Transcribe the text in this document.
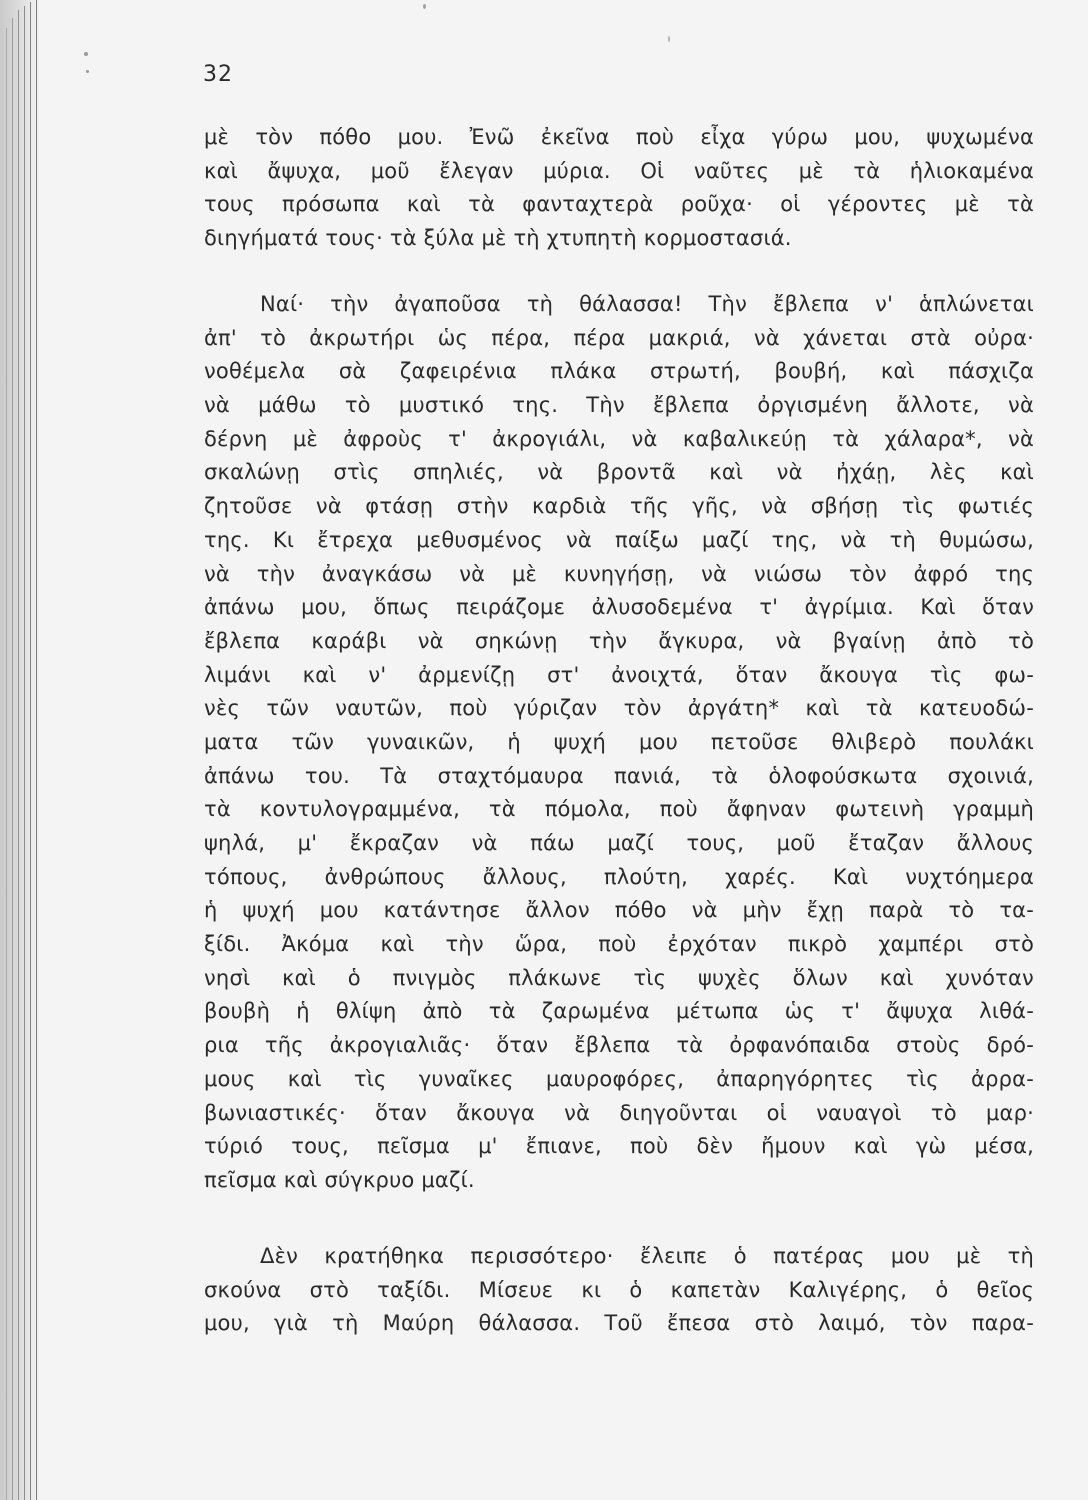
32
μὲ τὸν πόθο μου. Ἐνῶ ἐκεῖνα ποὺ εἶχα γύρω μου, ψυχωμένα
καὶ ἄψυχα, μοῦ ἔλεγαν μύρια. Οἱ ναῦτες μὲ τὰ ἡλιοκαμένα
τους πρόσωπα καὶ τὰ φανταχτερὰ ροῦχα· οἱ γέροντες μὲ τὰ
διηγήματά τους· τὰ ξύλα μὲ τὴ χτυπητὴ κορμοστασιά.
Ναί· τὴν ἀγαποῦσα τὴ θάλασσα! Τὴν ἔβλεπα ν' ἁπλώνεται
ἀπ' τὸ ἀκρωτήρι ὡς πέρα, πέρα μακριά, νὰ χάνεται στὰ οὐρα·
νοθέμελα σὰ ζαφειρένια πλάκα στρωτή, βουβή, καὶ πάσχιζα
νὰ μάθω τὸ μυστικό της. Τὴν ἔβλεπα ὀργισμένη ἄλλοτε, νὰ
δέρνη μὲ ἀφροὺς τ' ἀκρογιάλι, νὰ καβαλικεύῃ τὰ χάλαρα*, νὰ
σκαλώνῃ στὶς σπηλιές, νὰ βροντᾶ καὶ νὰ ἠχάῃ, λὲς καὶ
ζητοῦσε νὰ φτάσῃ στὴν καρδιὰ τῆς γῆς, νὰ σβήσῃ τὶς φωτιές
της. Κι ἔτρεχα μεθυσμένος νὰ παίξω μαζί της, νὰ τὴ θυμώσω,
νὰ τὴν ἀναγκάσω νὰ μὲ κυνηγήσῃ, νὰ νιώσω τὸν ἀφρό της
ἀπάνω μου, ὅπως πειράζομε ἀλυσοδεμένα τ' ἀγρίμια. Καὶ ὅταν
ἔβλεπα καράβι νὰ σηκώνῃ τὴν ἄγκυρα, νὰ βγαίνῃ ἀπὸ τὸ
λιμάνι καὶ ν' ἀρμενίζῃ στ' ἀνοιχτά, ὅταν ἄκουγα τὶς φω-
νὲς τῶν ναυτῶν, ποὺ γύριζαν τὸν ἀργάτη* καὶ τὰ κατευοδώ-
ματα τῶν γυναικῶν, ἡ ψυχή μου πετοῦσε θλιβερὸ πουλάκι
ἀπάνω του. Τὰ σταχτόμαυρα πανιά, τὰ ὁλοφούσκωτα σχοινιά,
τὰ κοντυλογραμμένα, τὰ πόμολα, ποὺ ἄφηναν φωτεινὴ γραμμὴ
ψηλά, μ' ἔκραζαν νὰ πάω μαζί τους, μοῦ ἔταζαν ἄλλους
τόπους, ἀνθρώπους ἄλλους, πλούτη, χαρές. Καὶ νυχτόημερα
ἡ ψυχή μου κατάντησε ἄλλον πόθο νὰ μὴν ἔχῃ παρὰ τὸ τα-
ξίδι. Ἀκόμα καὶ τὴν ὥρα, ποὺ ἐρχόταν πικρὸ χαμπέρι στὸ
νησὶ καὶ ὁ πνιγμὸς πλάκωνε τὶς ψυχὲς ὅλων καὶ χυνόταν
βουβὴ ἡ θλίψη ἀπὸ τὰ ζαρωμένα μέτωπα ὡς τ' ἄψυχα λιθά-
ρια τῆς ἀκρογιαλιᾶς· ὅταν ἔβλεπα τὰ ὀρφανόπαιδα στοὺς δρό-
μους καὶ τὶς γυναῖκες μαυροφόρες, ἀπαρηγόρητες τὶς ἀρρα-
βωνιαστικές· ὅταν ἄκουγα νὰ διηγοῦνται οἱ ναυαγοὶ τὸ μαρ·
τύριό τους, πεῖσμα μ' ἔπιανε, ποὺ δὲν ἤμουν καὶ γὼ μέσα,
πεῖσμα καὶ σύγκρυο μαζί.
Δὲν κρατήθηκα περισσότερο· ἔλειπε ὁ πατέρας μου μὲ τὴ
σκούνα στὸ ταξίδι. Μίσευε κι ὁ καπετὰν Καλιγέρης, ὁ θεῖος
μου, γιὰ τὴ Μαύρη θάλασσα. Τοῦ ἔπεσα στὸ λαιμό, τὸν παρα-
